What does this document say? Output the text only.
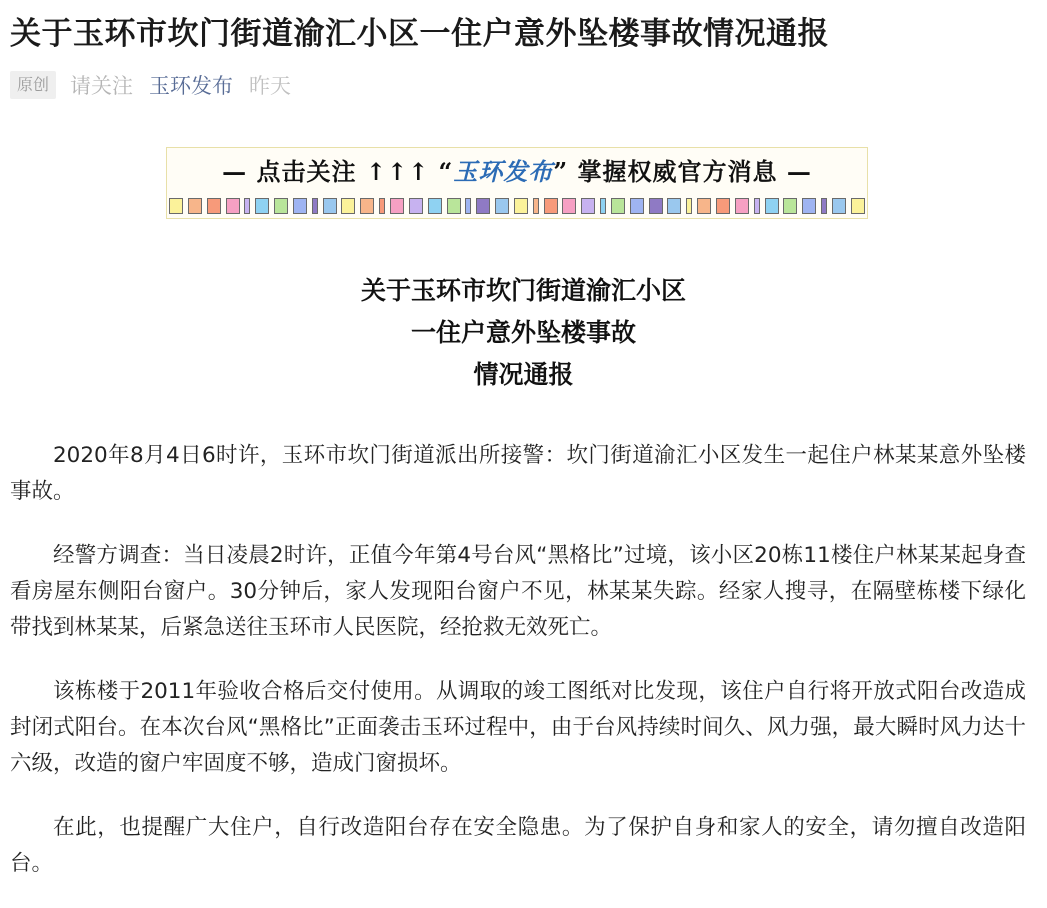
关于玉环市坎门街道渝汇小区一住户意外坠楼事故情况通报
原创	请关注 玉环发布 昨天
— 点击关注 ↑↑↑ “玉环发布” 掌握权威官方消息 —
关于玉环市坎门街道渝汇小区
一住户意外坠楼事故
情况通报

2020年8月4日6时许，玉环市坎门街道派出所接警：坎门街道渝汇小区发生一起住户林某某意外坠楼事故。

经警方调查：当日凌晨2时许，正值今年第4号台风“黑格比”过境，该小区20栋11楼住户林某某起身查看房屋东侧阳台窗户。30分钟后，家人发现阳台窗户不见，林某某失踪。经家人搜寻，在隔壁栋楼下绿化带找到林某某，后紧急送往玉环市人民医院，经抢救无效死亡。

该栋楼于2011年验收合格后交付使用。从调取的竣工图纸对比发现，该住户自行将开放式阳台改造成封闭式阳台。在本次台风“黑格比”正面袭击玉环过程中，由于台风持续时间久、风力强，最大瞬时风力达十六级，改造的窗户牢固度不够，造成门窗损坏。

在此，也提醒广大住户，自行改造阳台存在安全隐患。为了保护自身和家人的安全，请勿擅自改造阳台。
